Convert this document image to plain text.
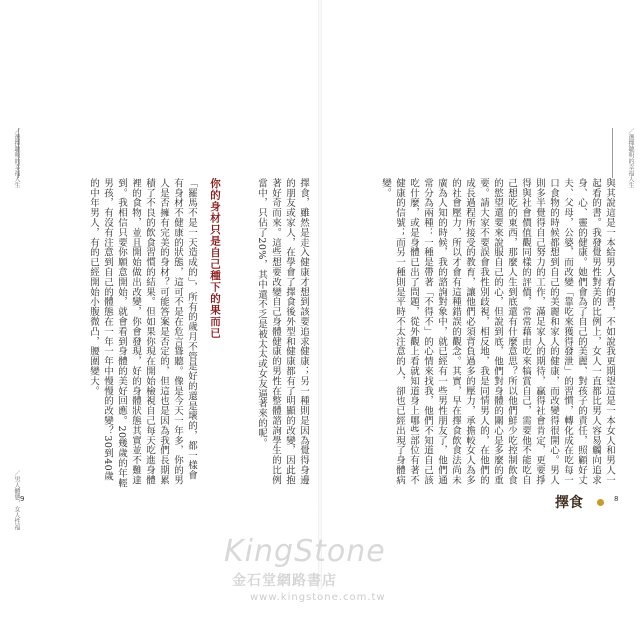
／選擇聰明的幸福人生
與其說這是一本給男人看的書，不如說我更期望這是一本女人和男人一起看的書。我發覺男性對美的比例上，女人一直都比男人容易觸向追求身、心、靈的健康。她們會為了自己的美麗、對孩子的責任，照顧好丈夫、父母，公婆，而改變「靠吃來獲得發泄」的習慣，轉化成在吃每一口食物的時候都想到自己的美麗和家人的健康，而改變得很開心。男人則多半覺得自己努力的工作，滿足家人的期待，贏得社會肯定，更要掙得與社會價值觀同樣的評價，常常藉由吃來犒賞自己，需要他不能吃自己想吃的東西，那麼人生到底還有什麼意思？所以他們鮮少吃控制飲食的慾望還要來說服自己的心，但說到底，他們對身體的關心是多麼的重要。請大家不要誤會我性別歧視，相反地，我是同情男人的，在他們的成長過程所接受的教育，讓他們必須背負過多的壓力，承擔較女人為多的社會壓力，所以才會有這種錯誤的觀念。其實，早在擇食飲食法尚未廣為人知的時候，我的諮詢對象中，就已經有一些男性朋友了，他們通常分為兩種：一種是帶著「不得不」的心情來找我，他們不知道自己該吃什麼，或是身體已出了問題，從外觀上看就知道身上哪些部位有著不健康的信號；而另一種則是平時不太注意的人，卻也已經出現了身體病變。
8
擇食
／選擇聰明的幸福人生
／男人體態，女人性福
擇食，雖然是走入健康才想到該要追求健康；另一種則是因為覺得身邊的朋友或家人，在學會了擇食後外型和健康都有了明顯的改變，因此抱著好奇而來。這些想要改變自己身體健康的男性在整體諮詢學生的比例當中，只佔了20%，其中還不乏是被太太或女友逼著來的呢。
你的身材只是自己種下的果而已
「羅馬不是一天造成的」，所有的歲月不管是好的還是壞的，都一樣會有身材不健康的狀態，這可不是在危言聳聽。像是今天一年多，你的男人是否擁有完美的身材？可能答案是否定的，但這也是因為我們長期累積了不良的飲食習慣的結果。但如果你現在開始檢視自己每天吃進身體裡的食物，並且開始做出改變，你會發現，好的身體狀態其實並不難達到。我相信只要你願意開始，就會看到身體的美好回應。20幾歲的年輕男孩，有沒有注意到自己的體態在一年一年中慢慢的改變？30到40歲的中年男人，有的已經開始小腹微凸，腰圍變大。
9
KingStone
金石堂網路書店
www.kingstone.com.tw
